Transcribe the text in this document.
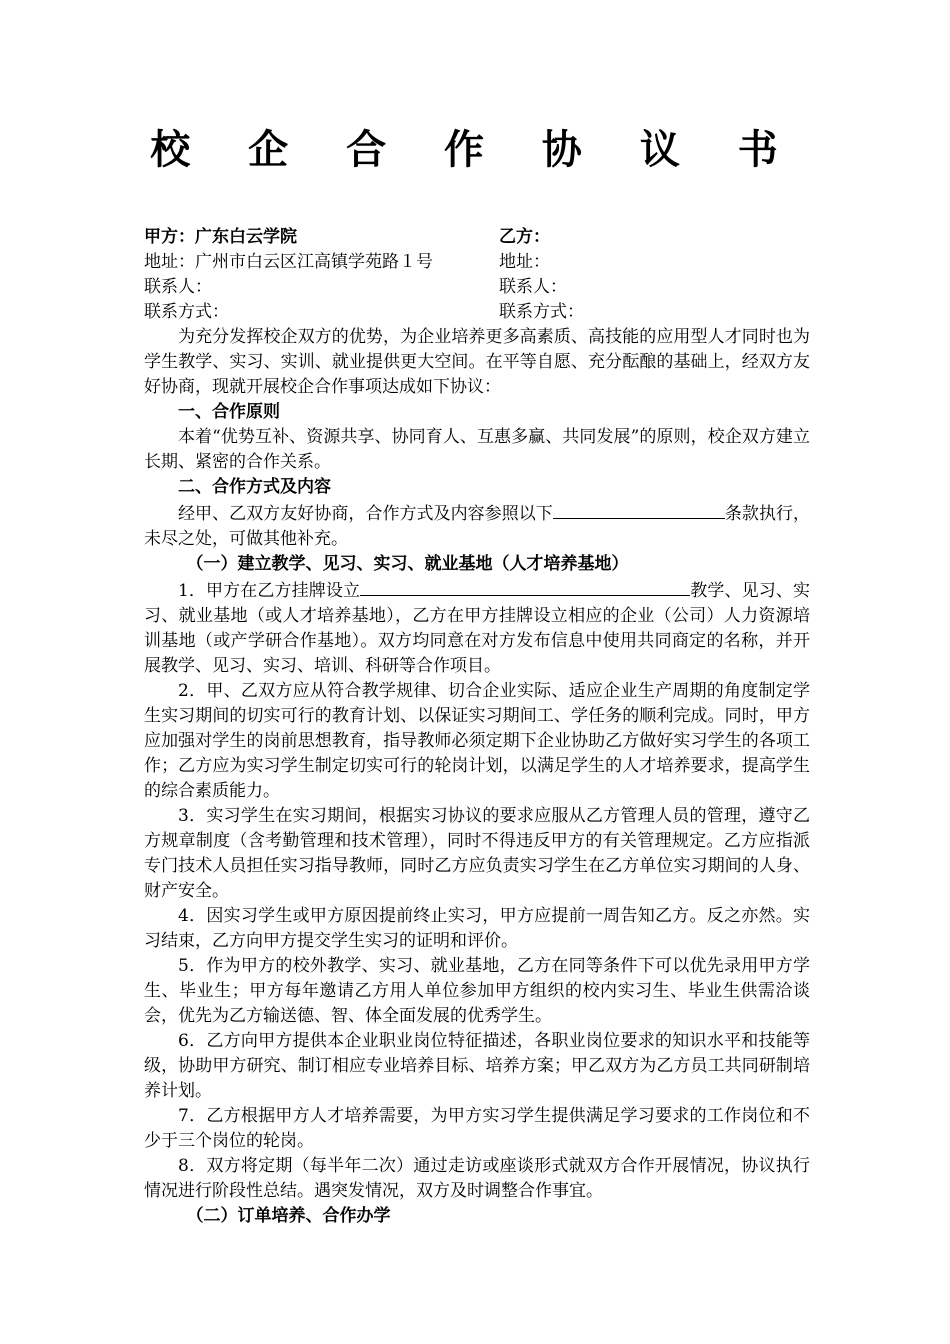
校 企 合 作 协 议 书
甲方：广东白云学院	乙方：
地址：广州市白云区江高镇学苑路１号	地址：
联系人：	联系人：
联系方式：	联系方式：

为充分发挥校企双方的优势，为企业培养更多高素质、高技能的应用型人才同时也为学生教学、实习、实训、就业提供更大空间。在平等自愿、充分酝酿的基础上，经双方友好协商，现就开展校企合作事项达成如下协议：

一、合作原则

本着“优势互补、资源共享、协同育人、互惠多赢、共同发展”的原则，校企双方建立长期、紧密的合作关系。

二、合作方式及内容

经甲、乙双方友好协商，合作方式及内容参照以下	条款执行，未尽之处，可做其他补充。

（一）建立教学、见习、实习、就业基地（人才培养基地）

1．甲方在乙方挂牌设立	教学、见习、实习、就业基地（或人才培养基地），乙方在甲方挂牌设立相应的企业（公司）人力资源培训基地（或产学研合作基地）。双方均同意在对方发布信息中使用共同商定的名称，并开展教学、见习、实习、培训、科研等合作项目。

2．甲、乙双方应从符合教学规律、切合企业实际、适应企业生产周期的角度制定学生实习期间的切实可行的教育计划、以保证实习期间工、学任务的顺利完成。同时，甲方应加强对学生的岗前思想教育，指导教师必须定期下企业协助乙方做好实习学生的各项工作；乙方应为实习学生制定切实可行的轮岗计划，以满足学生的人才培养要求，提高学生的综合素质能力。

3．实习学生在实习期间，根据实习协议的要求应服从乙方管理人员的管理，遵守乙方规章制度（含考勤管理和技术管理），同时不得违反甲方的有关管理规定。乙方应指派专门技术人员担任实习指导教师，同时乙方应负责实习学生在乙方单位实习期间的人身、财产安全。

4．因实习学生或甲方原因提前终止实习，甲方应提前一周告知乙方。反之亦然。实习结束，乙方向甲方提交学生实习的证明和评价。

5．作为甲方的校外教学、实习、就业基地，乙方在同等条件下可以优先录用甲方学生、毕业生；甲方每年邀请乙方用人单位参加甲方组织的校内实习生、毕业生供需洽谈会，优先为乙方输送德、智、体全面发展的优秀学生。

6．乙方向甲方提供本企业职业岗位特征描述，各职业岗位要求的知识水平和技能等级，协助甲方研究、制订相应专业培养目标、培养方案；甲乙双方为乙方员工共同研制培养计划。

7．乙方根据甲方人才培养需要，为甲方实习学生提供满足学习要求的工作岗位和不少于三个岗位的轮岗。

8．双方将定期（每半年二次）通过走访或座谈形式就双方合作开展情况，协议执行情况进行阶段性总结。遇突发情况，双方及时调整合作事宜。

（二）订单培养、合作办学
